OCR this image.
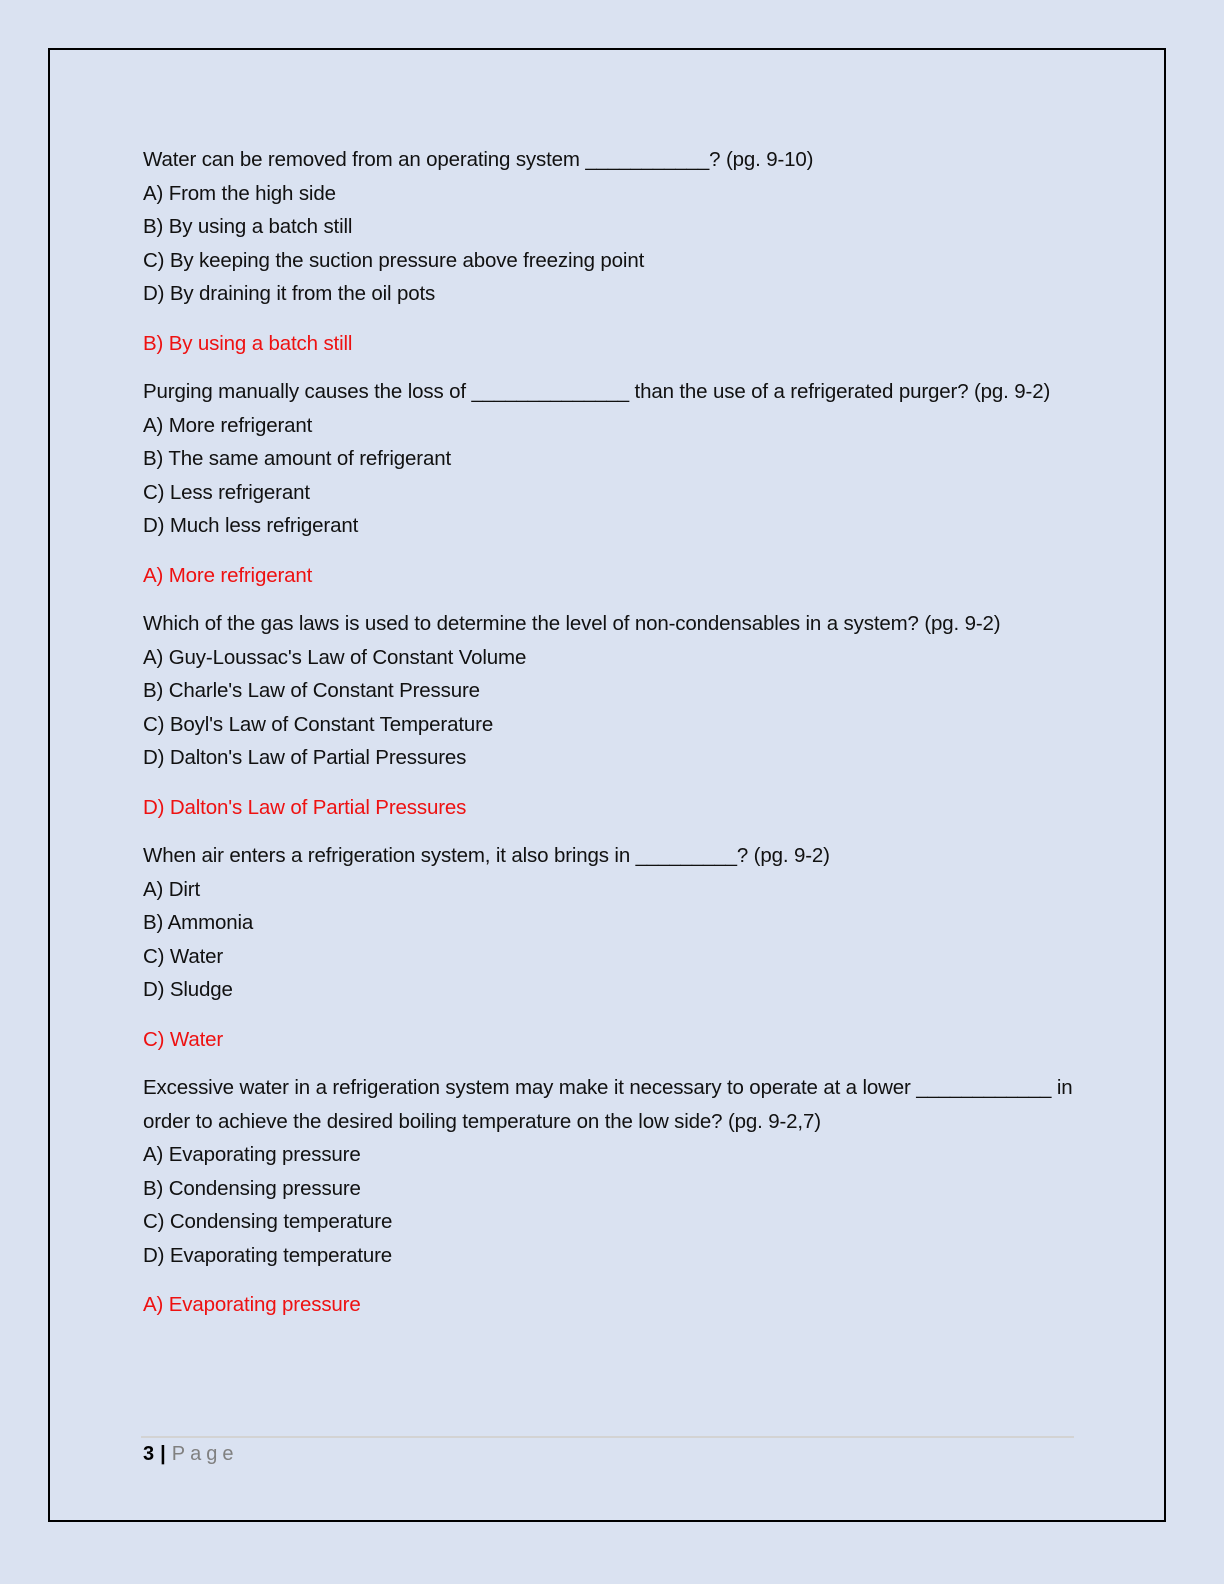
Water can be removed from an operating system ___________? (pg. 9-10)

A) From the high side

B) By using a batch still

C) By keeping the suction pressure above freezing point

D) By draining it from the oil pots

B) By using a batch still

Purging manually causes the loss of ______________ than the use of a refrigerated purger? (pg. 9-2)

A) More refrigerant

B) The same amount of refrigerant

C) Less refrigerant

D) Much less refrigerant

A) More refrigerant

Which of the gas laws is used to determine the level of non-condensables in a system? (pg. 9-2)

A) Guy-Loussac's Law of Constant Volume

B) Charle's Law of Constant Pressure

C) Boyl's Law of Constant Temperature

D) Dalton's Law of Partial Pressures

D) Dalton's Law of Partial Pressures

When air enters a refrigeration system, it also brings in _________? (pg. 9-2)

A) Dirt

B) Ammonia

C) Water

D) Sludge

C) Water

Excessive water in a refrigeration system may make it necessary to operate at a lower ____________ in order to achieve the desired boiling temperature on the low side? (pg. 9-2,7)

A) Evaporating pressure

B) Condensing pressure

C) Condensing temperature

D) Evaporating temperature

A) Evaporating pressure

3 | Page
